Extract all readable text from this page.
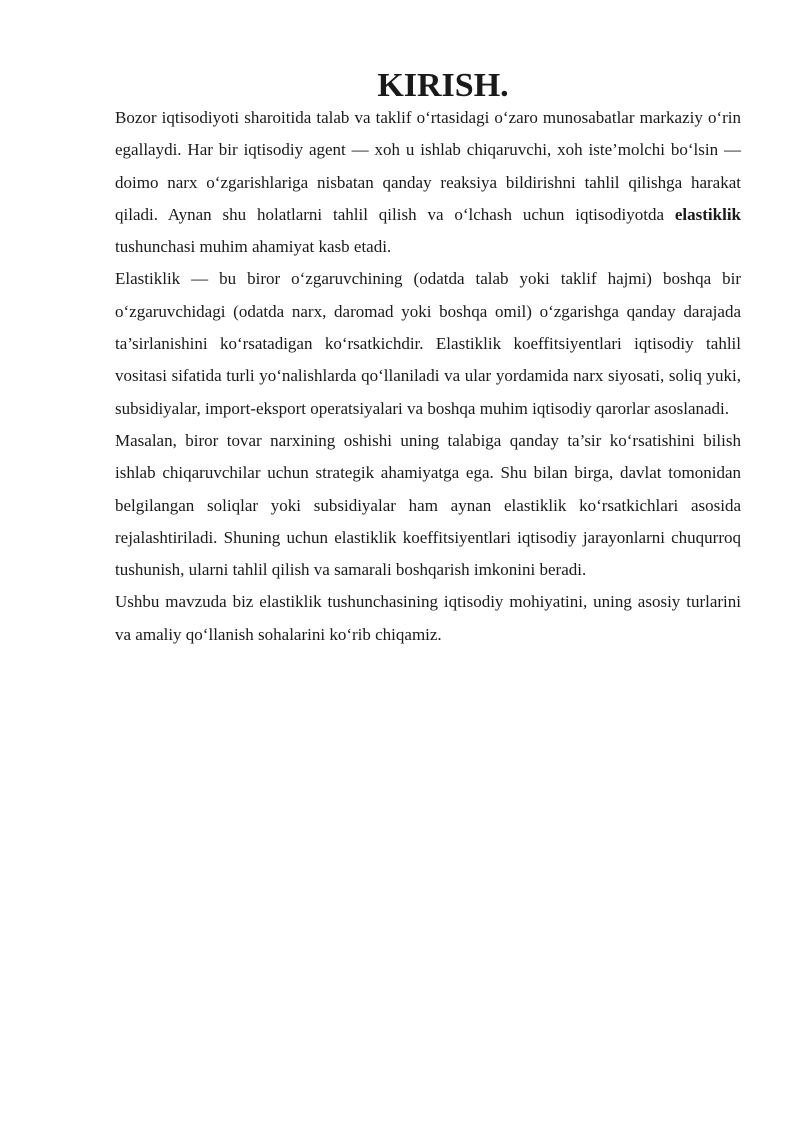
KIRISH.

Bozor iqtisodiyoti sharoitida talab va taklif o‘rtasidagi o‘zaro munosabatlar markaziy o‘rin egallaydi. Har bir iqtisodiy agent — xoh u ishlab chiqaruvchi, xoh iste’molchi bo‘lsin — doimo narx o‘zgarishlariga nisbatan qanday reaksiya bildirishni tahlil qilishga harakat qiladi. Aynan shu holatlarni tahlil qilish va o‘lchash uchun iqtisodiyotda elastiklik tushunchasi muhim ahamiyat kasb etadi.

Elastiklik — bu biror o‘zgaruvchining (odatda talab yoki taklif hajmi) boshqa bir o‘zgaruvchidagi (odatda narx, daromad yoki boshqa omil) o‘zgarishga qanday darajada ta’sirlanishini ko‘rsatadigan ko‘rsatkichdir. Elastiklik koeffitsiyentlari iqtisodiy tahlil vositasi sifatida turli yo‘nalishlarda qo‘llaniladi va ular yordamida narx siyosati, soliq yuki, subsidiyalar, import-eksport operatsiyalari va boshqa muhim iqtisodiy qarorlar asoslanadi.

Masalan, biror tovar narxining oshishi uning talabiga qanday ta’sir ko‘rsatishini bilish ishlab chiqaruvchilar uchun strategik ahamiyatga ega. Shu bilan birga, davlat tomonidan belgilangan soliqlar yoki subsidiyalar ham aynan elastiklik ko‘rsatkichlari asosida rejalashtiriladi. Shuning uchun elastiklik koeffitsiyentlari iqtisodiy jarayonlarni chuqurroq tushunish, ularni tahlil qilish va samarali boshqarish imkonini beradi.

Ushbu mavzuda biz elastiklik tushunchasining iqtisodiy mohiyatini, uning asosiy turlarini va amaliy qo‘llanish sohalarini ko‘rib chiqamiz.
